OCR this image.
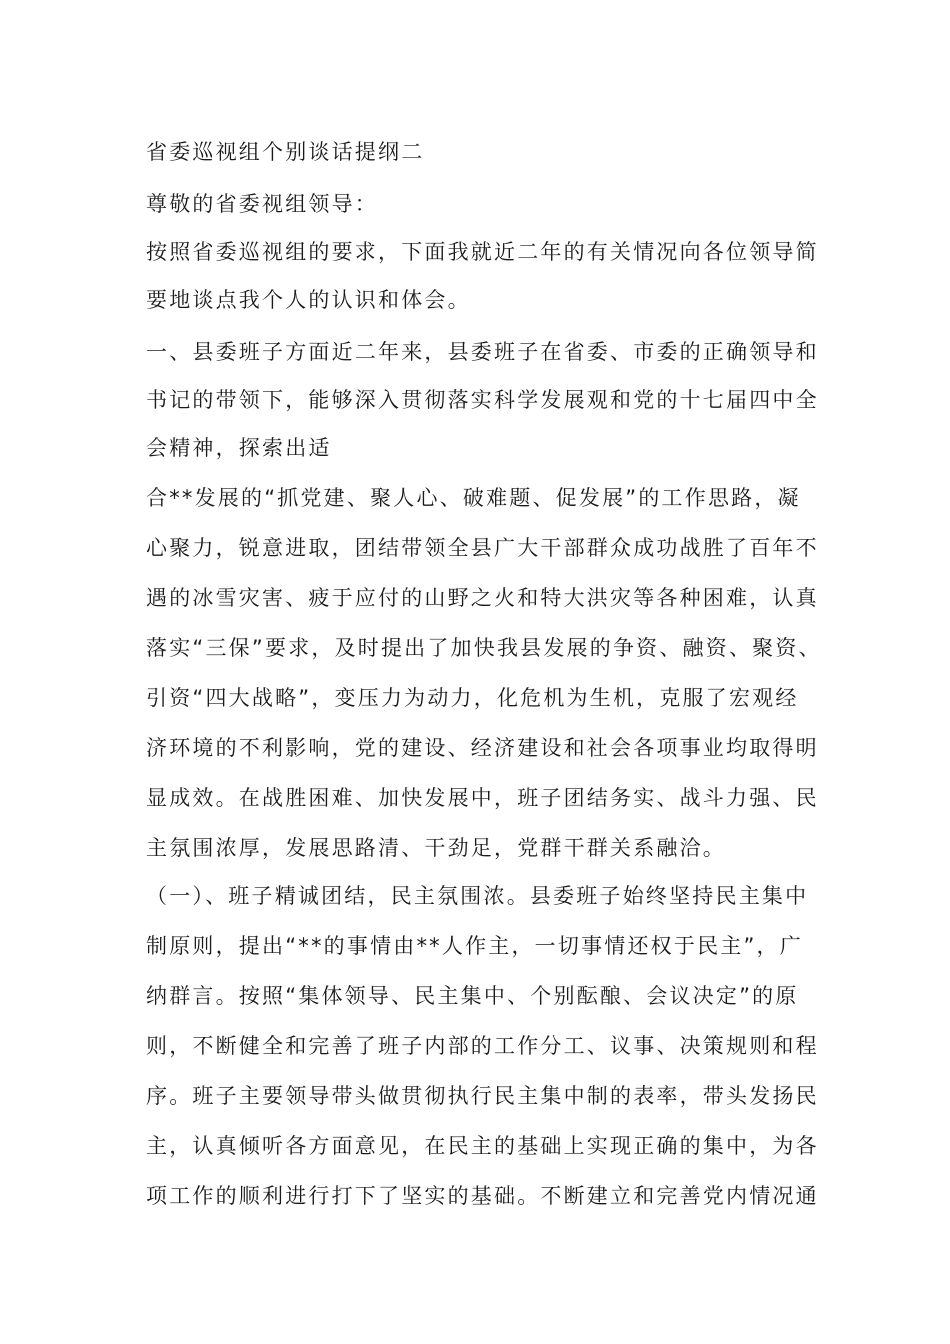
省委巡视组个别谈话提纲二
尊敬的省委视组领导：
按照省委巡视组的要求，下面我就近二年的有关情况向各位领导简
要地谈点我个人的认识和体会。
一、县委班子方面近二年来，县委班子在省委、市委的正确领导和
书记的带领下，能够深入贯彻落实科学发展观和党的十七届四中全
会精神，探索出适
合**发展的“抓党建、聚人心、破难题、促发展”的工作思路，凝
心聚力，锐意进取，团结带领全县广大干部群众成功战胜了百年不
遇的冰雪灾害、疲于应付的山野之火和特大洪灾等各种困难，认真
落实“三保”要求，及时提出了加快我县发展的争资、融资、聚资、
引资“四大战略”，变压力为动力，化危机为生机，克服了宏观经
济环境的不利影响，党的建设、经济建设和社会各项事业均取得明
显成效。在战胜困难、加快发展中，班子团结务实、战斗力强、民
主氛围浓厚，发展思路清、干劲足，党群干群关系融洽。
（一）、班子精诚团结，民主氛围浓。县委班子始终坚持民主集中
制原则，提出“**的事情由**人作主，一切事情还权于民主”，广
纳群言。按照“集体领导、民主集中、个别酝酿、会议决定”的原
则，不断健全和完善了班子内部的工作分工、议事、决策规则和程
序。班子主要领导带头做贯彻执行民主集中制的表率，带头发扬民
主，认真倾听各方面意见，在民主的基础上实现正确的集中，为各
项工作的顺利进行打下了坚实的基础。不断建立和完善党内情况通
